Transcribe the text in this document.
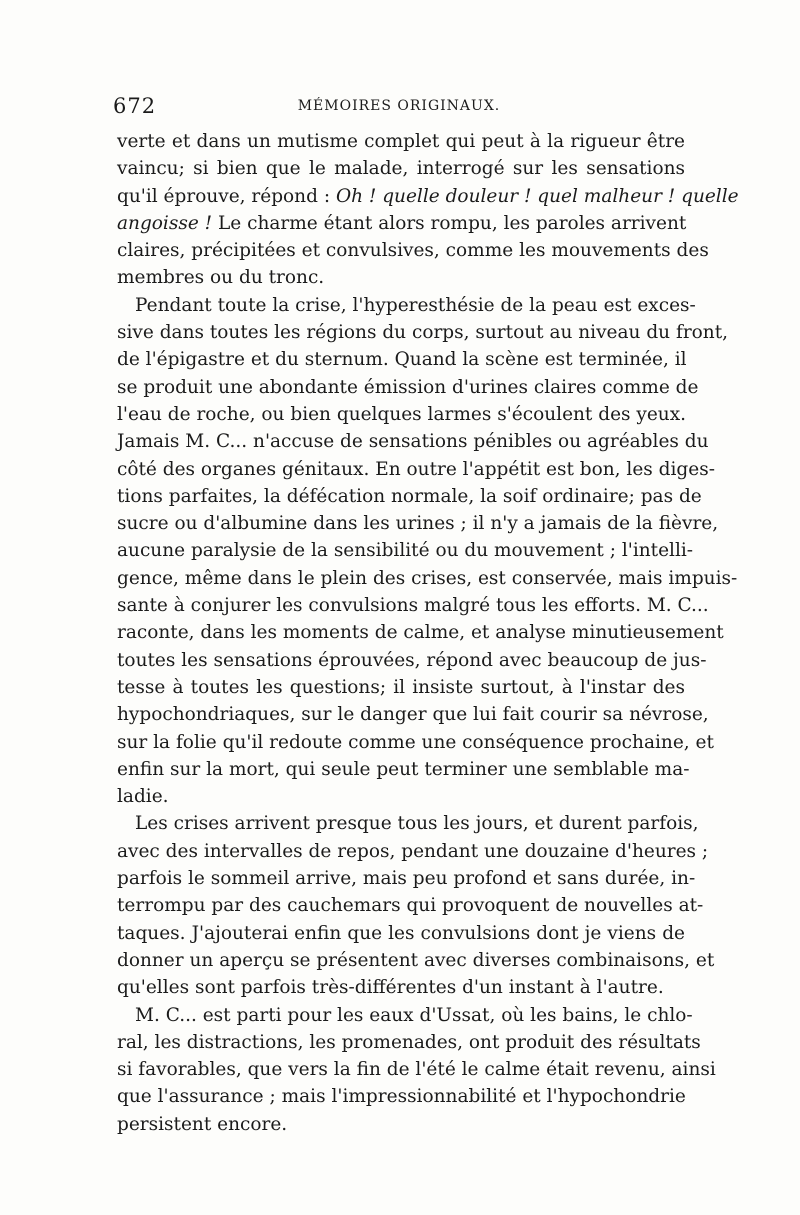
672	MÉMOIRES ORIGINAUX.
verte et dans un mutisme complet qui peut à la rigueur être
vaincu; si bien que le malade, interrogé sur les sensations
qu'il éprouve, répond : Oh ! quelle douleur ! quel malheur ! quelle
angoisse ! Le charme étant alors rompu, les paroles arrivent
claires, précipitées et convulsives, comme les mouvements des
membres ou du tronc.
Pendant toute la crise, l'hyperesthésie de la peau est exces-
sive dans toutes les régions du corps, surtout au niveau du front,
de l'épigastre et du sternum. Quand la scène est terminée, il
se produit une abondante émission d'urines claires comme de
l'eau de roche, ou bien quelques larmes s'écoulent des yeux.
Jamais M. C... n'accuse de sensations pénibles ou agréables du
côté des organes génitaux. En outre l'appétit est bon, les diges-
tions parfaites, la défécation normale, la soif ordinaire; pas de
sucre ou d'albumine dans les urines ; il n'y a jamais de la fièvre,
aucune paralysie de la sensibilité ou du mouvement ; l'intelli-
gence, même dans le plein des crises, est conservée, mais impuis-
sante à conjurer les convulsions malgré tous les efforts. M. C...
raconte, dans les moments de calme, et analyse minutieusement
toutes les sensations éprouvées, répond avec beaucoup de jus-
tesse à toutes les questions; il insiste surtout, à l'instar des
hypochondriaques, sur le danger que lui fait courir sa névrose,
sur la folie qu'il redoute comme une conséquence prochaine, et
enfin sur la mort, qui seule peut terminer une semblable ma-
ladie.
Les crises arrivent presque tous les jours, et durent parfois,
avec des intervalles de repos, pendant une douzaine d'heures ;
parfois le sommeil arrive, mais peu profond et sans durée, in-
terrompu par des cauchemars qui provoquent de nouvelles at-
taques. J'ajouterai enfin que les convulsions dont je viens de
donner un aperçu se présentent avec diverses combinaisons, et
qu'elles sont parfois très-différentes d'un instant à l'autre.
M. C... est parti pour les eaux d'Ussat, où les bains, le chlo-
ral, les distractions, les promenades, ont produit des résultats
si favorables, que vers la fin de l'été le calme était revenu, ainsi
que l'assurance ; mais l'impressionnabilité et l'hypochondrie
persistent encore.
